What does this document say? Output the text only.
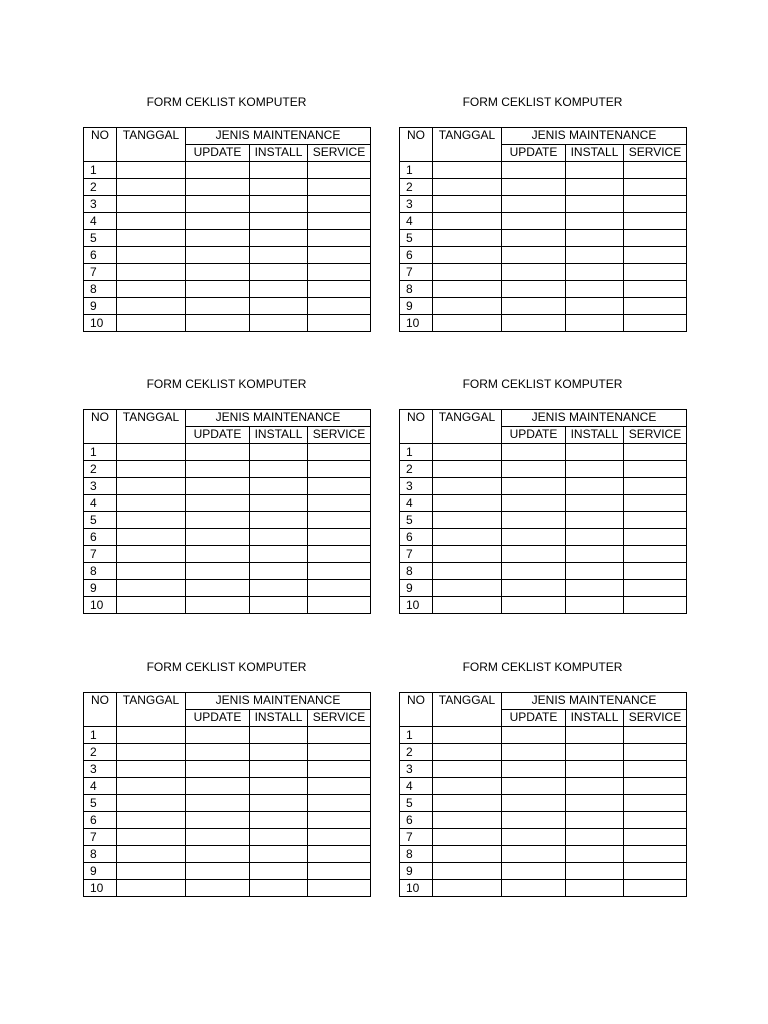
FORM CEKLIST KOMPUTER
NO	TANGGAL	JENIS MAINTENANCE		
		UPDATE	INSTALL	SERVICE
1				
2				
3				
4				
5				
6				
7				
8				
9				
10				
FORM CEKLIST KOMPUTER
NO	TANGGAL	JENIS MAINTENANCE		
		UPDATE	INSTALL	SERVICE
1				
2				
3				
4				
5				
6				
7				
8				
9				
10				
FORM CEKLIST KOMPUTER
NO	TANGGAL	JENIS MAINTENANCE		
		UPDATE	INSTALL	SERVICE
1				
2				
3				
4				
5				
6				
7				
8				
9				
10				
FORM CEKLIST KOMPUTER
NO	TANGGAL	JENIS MAINTENANCE		
		UPDATE	INSTALL	SERVICE
1				
2				
3				
4				
5				
6				
7				
8				
9				
10				
FORM CEKLIST KOMPUTER
NO	TANGGAL	JENIS MAINTENANCE		
		UPDATE	INSTALL	SERVICE
1				
2				
3				
4				
5				
6				
7				
8				
9				
10				
FORM CEKLIST KOMPUTER
NO	TANGGAL	JENIS MAINTENANCE		
		UPDATE	INSTALL	SERVICE
1				
2				
3				
4				
5				
6				
7				
8				
9				
10				
